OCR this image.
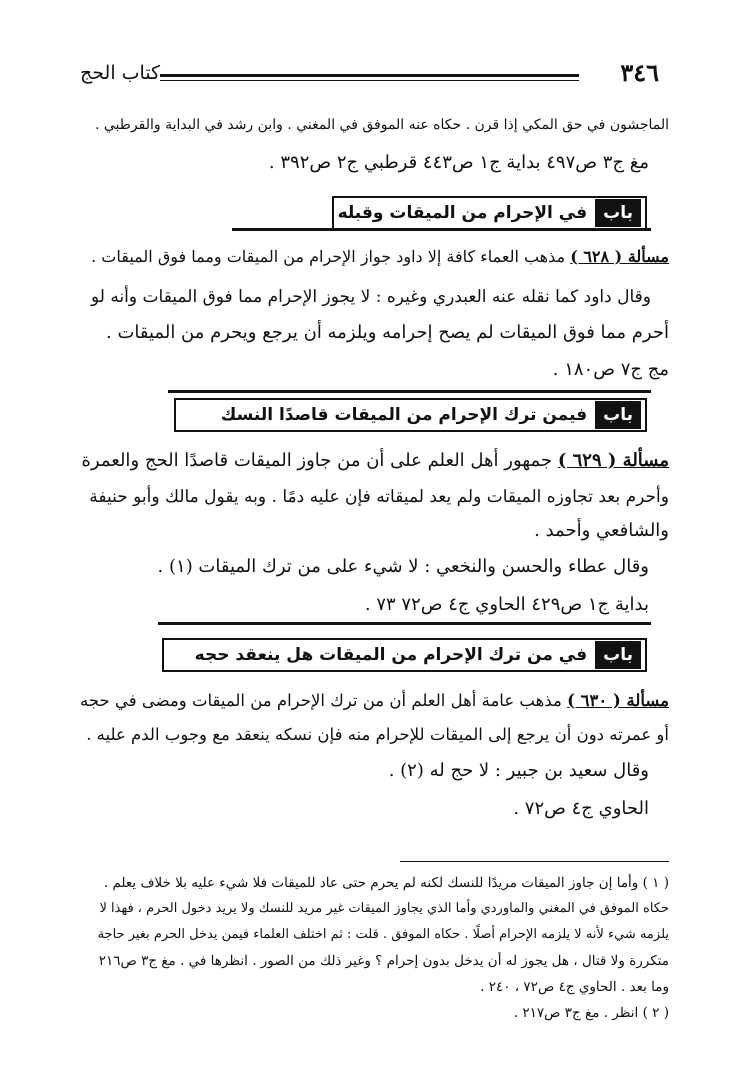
٣٤٦
كتاب الحج
الماجشون في حق المكي إذا قرن . حكاه عنه الموفق في المغني . وابن رشد في البداية والقرطبي .
مغ ج٣ ص٤٩٧ بداية ج١ ص٤٤٣ قرطبي ج٢ ص٣٩٢ .
باب
في الإحرام من الميقات وقبله
مسألة ( ٦٢٨ ) مذهب العماء كافة إلا داود جواز الإحرام من الميقات ومما فوق الميقات .
وقال داود كما نقله عنه العبدري وغيره : لا يجوز الإحرام مما فوق الميقات وأنه لو
أحرم مما فوق الميقات لم يصح إحرامه ويلزمه أن يرجع ويحرم من الميقات .
مج ج٧ ص١٨٠ .
باب
فيمن ترك الإحرام من الميقات قاصدًا النسك
مسألة ( ٦٢٩ ) جمهور أهل العلم على أن من جاوز الميقات قاصدًا الحج والعمرة
وأحرم بعد تجاوزه الميقات ولم يعد لميقاته فإن عليه دمًا . وبه يقول مالك وأبو حنيفة
والشافعي وأحمد .
وقال عطاء والحسن والنخعي : لا شيء على من ترك الميقات (١) .
بداية ج١ ص٤٢٩ الحاوي ج٤ ص٧٢ ٧٣ .
باب
في من ترك الإحرام من الميقات هل ينعقد حجه
مسألة ( ٦٣٠ ) مذهب عامة أهل العلم أن من ترك الإحرام من الميقات ومضى في حجه
أو عمرته دون أن يرجع إلى الميقات للإحرام منه فإن نسكه ينعقد مع وجوب الدم عليه .
وقال سعيد بن جبير : لا حج له (٢) .
الحاوي ج٤ ص٧٢ .
( ١ ) وأما إن جاوز الميقات مريدًا للنسك لكنه لم يحرم حتى عاد للميقات فلا شيء عليه بلا خلاف يعلم .
حكاه الموفق في المغني والماوردي وأما الذي يجاوز الميقات غير مريد للنسك ولا يريد دخول الحرم ، فهذا لا
يلزمه شيء لأنه لا يلزمه الإحرام أصلًا . حكاه الموفق . قلت : ثم اختلف العلماء فيمن يدخل الحرم بغير حاجة
متكررة ولا قتال ، هل يجوز له أن يدخل بدون إحرام ؟ وغير ذلك من الصور . انظرها في . مغ ج٣ ص٢١٦
وما بعد . الحاوي ج٤ ص٧٢ ، ٢٤٠ .
( ٢ ) انظر . مغ ج٣ ص٢١٧ .
